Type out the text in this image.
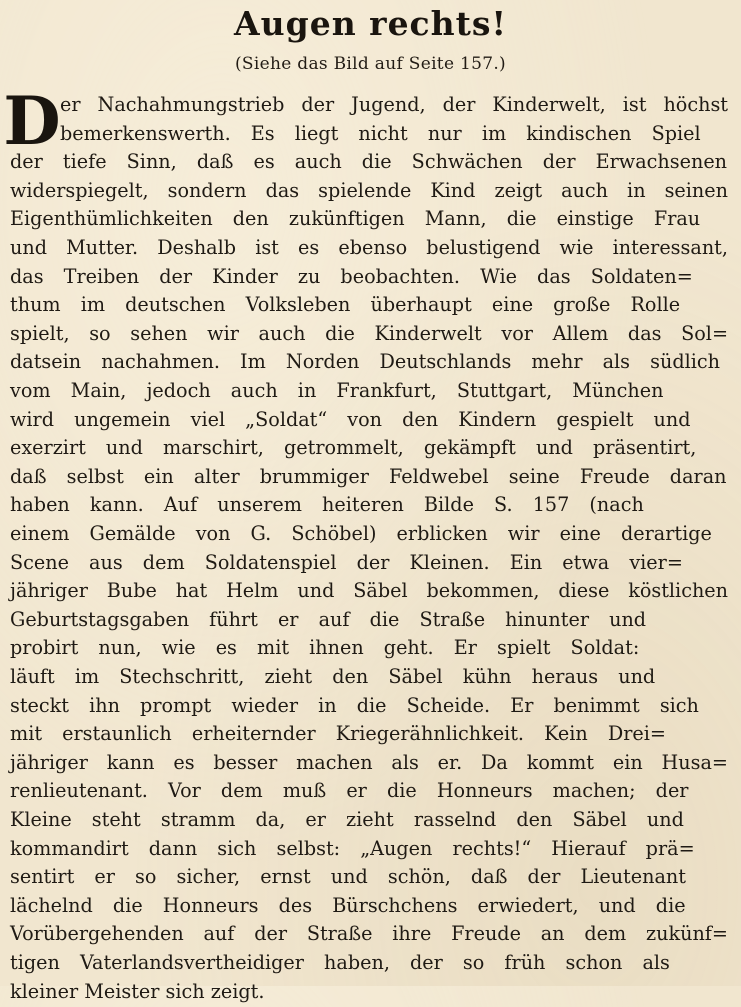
Augen rechts!
(Siehe das Bild auf Seite 157.)
D er Nachahmungstrieb der Jugend, der Kinderwelt, ist höchst
bemerkenswerth. Es liegt nicht nur im kindischen Spiel
der tiefe Sinn, daß es auch die Schwächen der Erwachsenen
widerspiegelt, sondern das spielende Kind zeigt auch in seinen
Eigenthümlichkeiten den zukünftigen Mann, die einstige Frau
und Mutter. Deshalb ist es ebenso belustigend wie interessant,
das Treiben der Kinder zu beobachten. Wie das Soldaten=
thum im deutschen Volksleben überhaupt eine große Rolle
spielt, so sehen wir auch die Kinderwelt vor Allem das Sol=
datsein nachahmen. Im Norden Deutschlands mehr als südlich
vom Main, jedoch auch in Frankfurt, Stuttgart, München
wird ungemein viel „Soldat“ von den Kindern gespielt und
exerzirt und marschirt, getrommelt, gekämpft und präsentirt,
daß selbst ein alter brummiger Feldwebel seine Freude daran
haben kann. Auf unserem heiteren Bilde S. 157 (nach
einem Gemälde von G. Schöbel) erblicken wir eine derartige
Scene aus dem Soldatenspiel der Kleinen. Ein etwa vier=
jähriger Bube hat Helm und Säbel bekommen, diese köstlichen
Geburtstagsgaben führt er auf die Straße hinunter und
probirt nun, wie es mit ihnen geht. Er spielt Soldat:
läuft im Stechschritt, zieht den Säbel kühn heraus und
steckt ihn prompt wieder in die Scheide. Er benimmt sich
mit erstaunlich erheiternder Kriegerähnlichkeit. Kein Drei=
jähriger kann es besser machen als er. Da kommt ein Husa=
renlieutenant. Vor dem muß er die Honneurs machen; der
Kleine steht stramm da, er zieht rasselnd den Säbel und
kommandirt dann sich selbst: „Augen rechts!“ Hierauf prä=
sentirt er so sicher, ernst und schön, daß der Lieutenant
lächelnd die Honneurs des Bürschchens erwiedert, und die
Vorübergehenden auf der Straße ihre Freude an dem zukünf=
tigen Vaterlandsvertheidiger haben, der so früh schon als
kleiner Meister sich zeigt.
